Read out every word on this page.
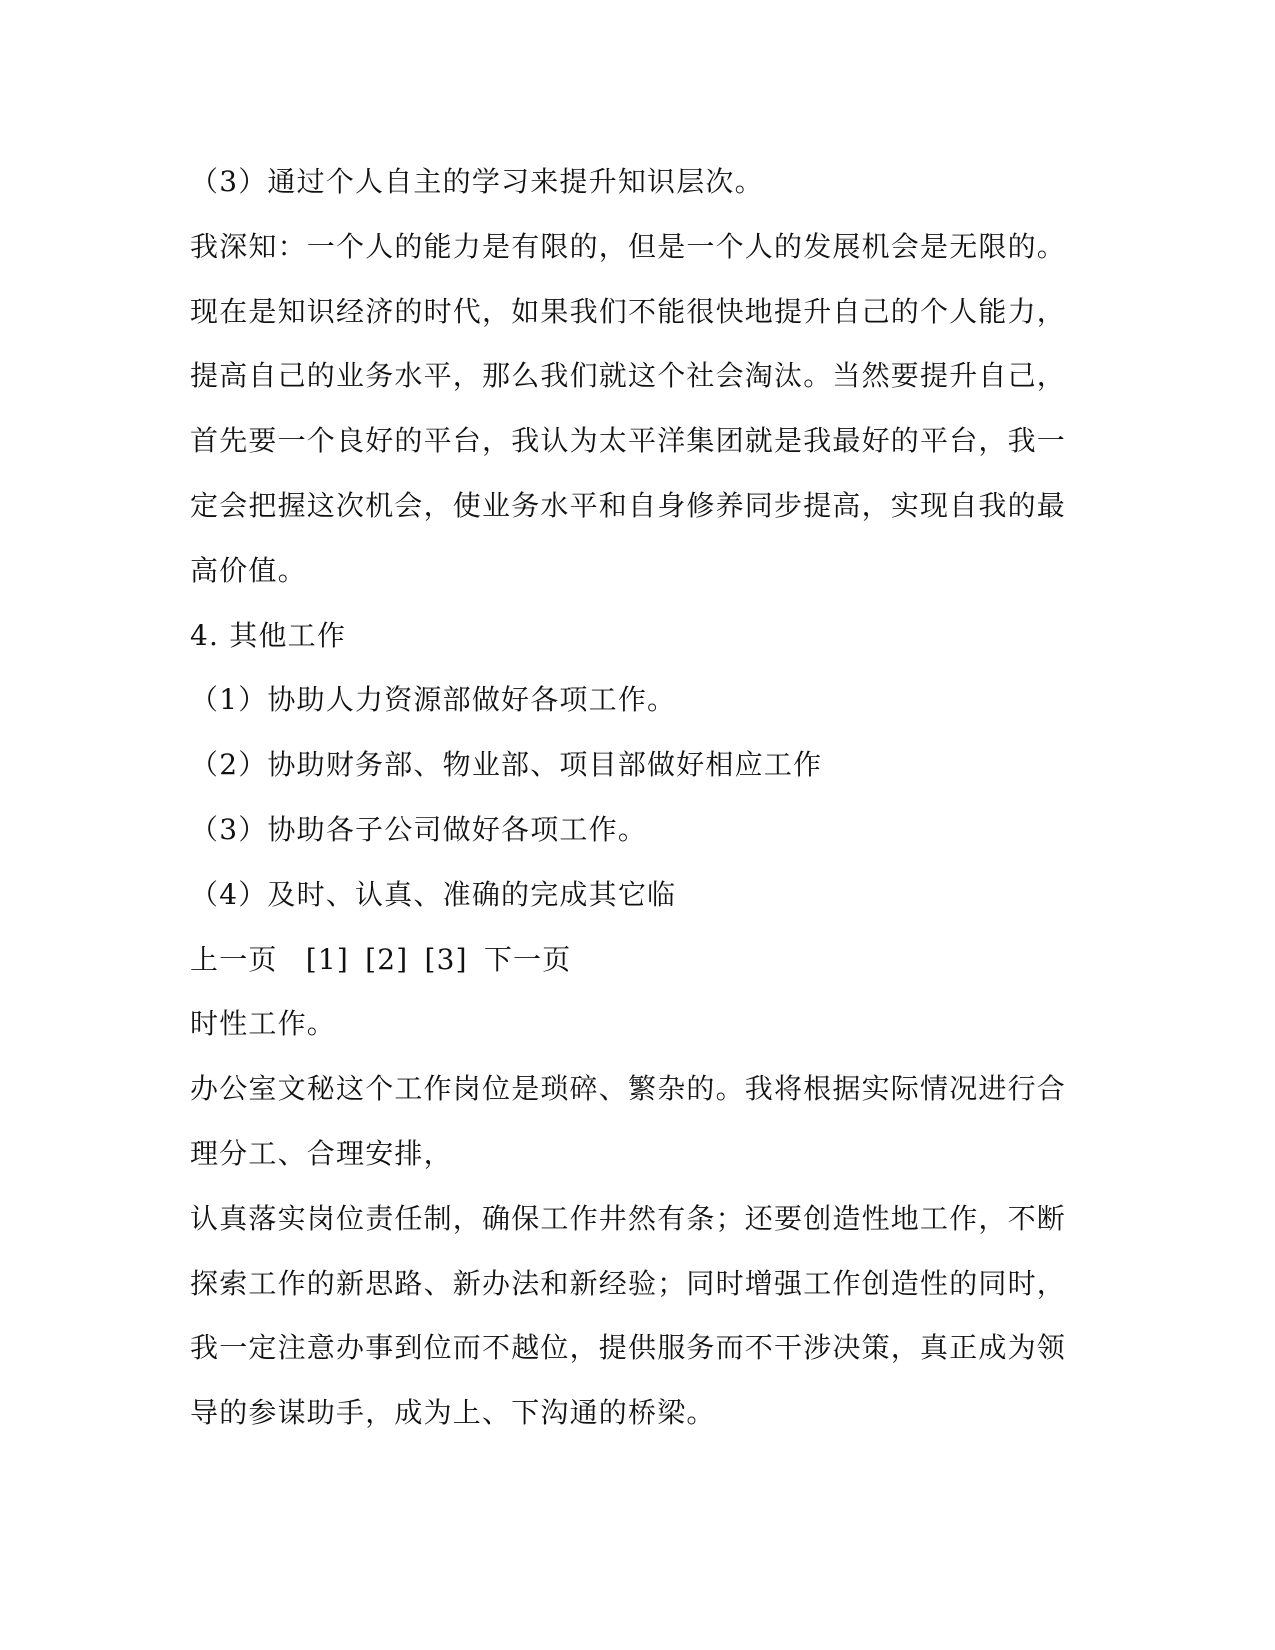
（3）通过个人自主的学习来提升知识层次。
我深知：一个人的能力是有限的，但是一个人的发展机会是无限的。
现在是知识经济的时代，如果我们不能很快地提升自己的个人能力，
提高自己的业务水平，那么我们就这个社会淘汰。当然要提升自己，
首先要一个良好的平台，我认为太平洋集团就是我最好的平台，我一
定会把握这次机会，使业务水平和自身修养同步提高，实现自我的最
高价值。
4. 其他工作
（1）协助人力资源部做好各项工作。
（2）协助财务部、物业部、项目部做好相应工作
（3）协助各子公司做好各项工作。
（4）及时、认真、准确的完成其它临
上一页 [1] [2] [3] 下一页
时性工作。
办公室文秘这个工作岗位是琐碎、繁杂的。我将根据实际情况进行合
理分工、合理安排，
认真落实岗位责任制，确保工作井然有条；还要创造性地工作，不断
探索工作的新思路、新办法和新经验；同时增强工作创造性的同时，
我一定注意办事到位而不越位，提供服务而不干涉决策，真正成为领
导的参谋助手，成为上、下沟通的桥梁。
